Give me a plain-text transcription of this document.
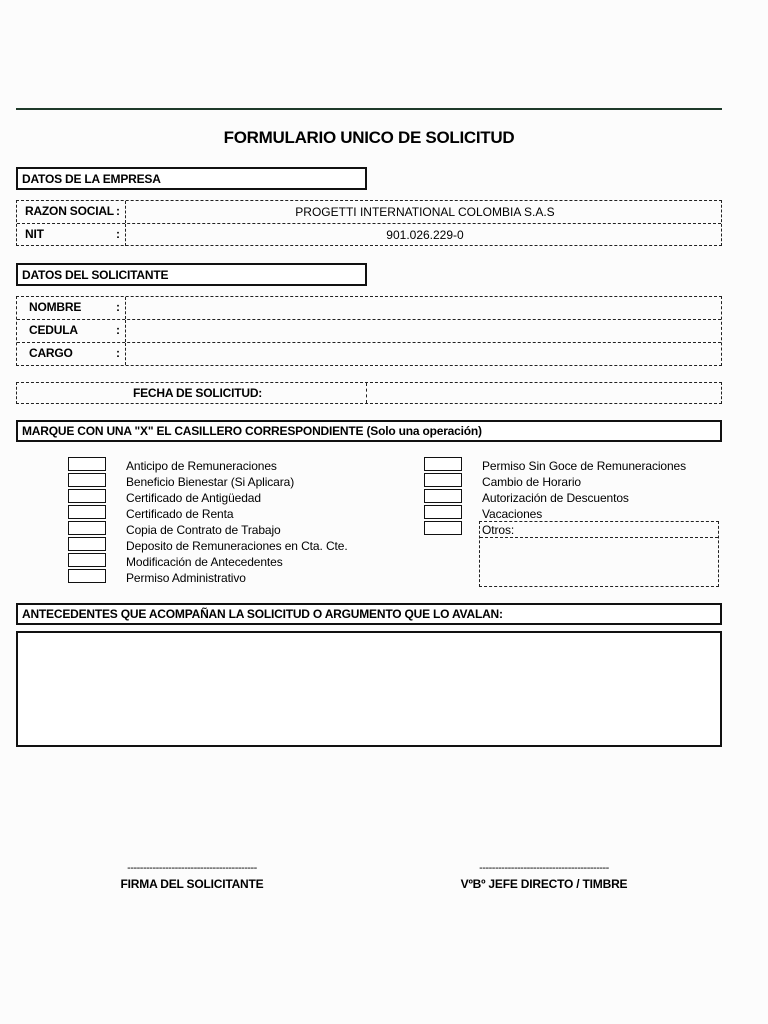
FORMULARIO UNICO DE SOLICITUD
DATOS DE LA EMPRESA
RAZON SOCIAL :	PROGETTI INTERNATIONAL COLOMBIA S.A.S
NIT	:	901.026.229-0
DATOS DEL SOLICITANTE
NOMBRE	:
CEDULA	:
CARGO	:
FECHA DE SOLICITUD:
MARQUE CON UNA "X" EL CASILLERO CORRESPONDIENTE (Solo una operación)
Anticipo de Remuneraciones
Beneficio Bienestar (Si Aplicara)
Certificado de Antigüedad
Certificado de Renta
Copia de Contrato de Trabajo
Deposito de Remuneraciones en Cta. Cte.
Modificación de Antecedentes
Permiso Administrativo
Permiso Sin Goce de Remuneraciones
Cambio de Horario
Autorización de Descuentos
Vacaciones
Otros:
ANTECEDENTES QUE ACOMPAÑAN LA SOLICITUD O ARGUMENTO QUE LO AVALAN:
-----------------------------------------
FIRMA DEL SOLICITANTE
-----------------------------------------
VºBº JEFE DIRECTO / TIMBRE
